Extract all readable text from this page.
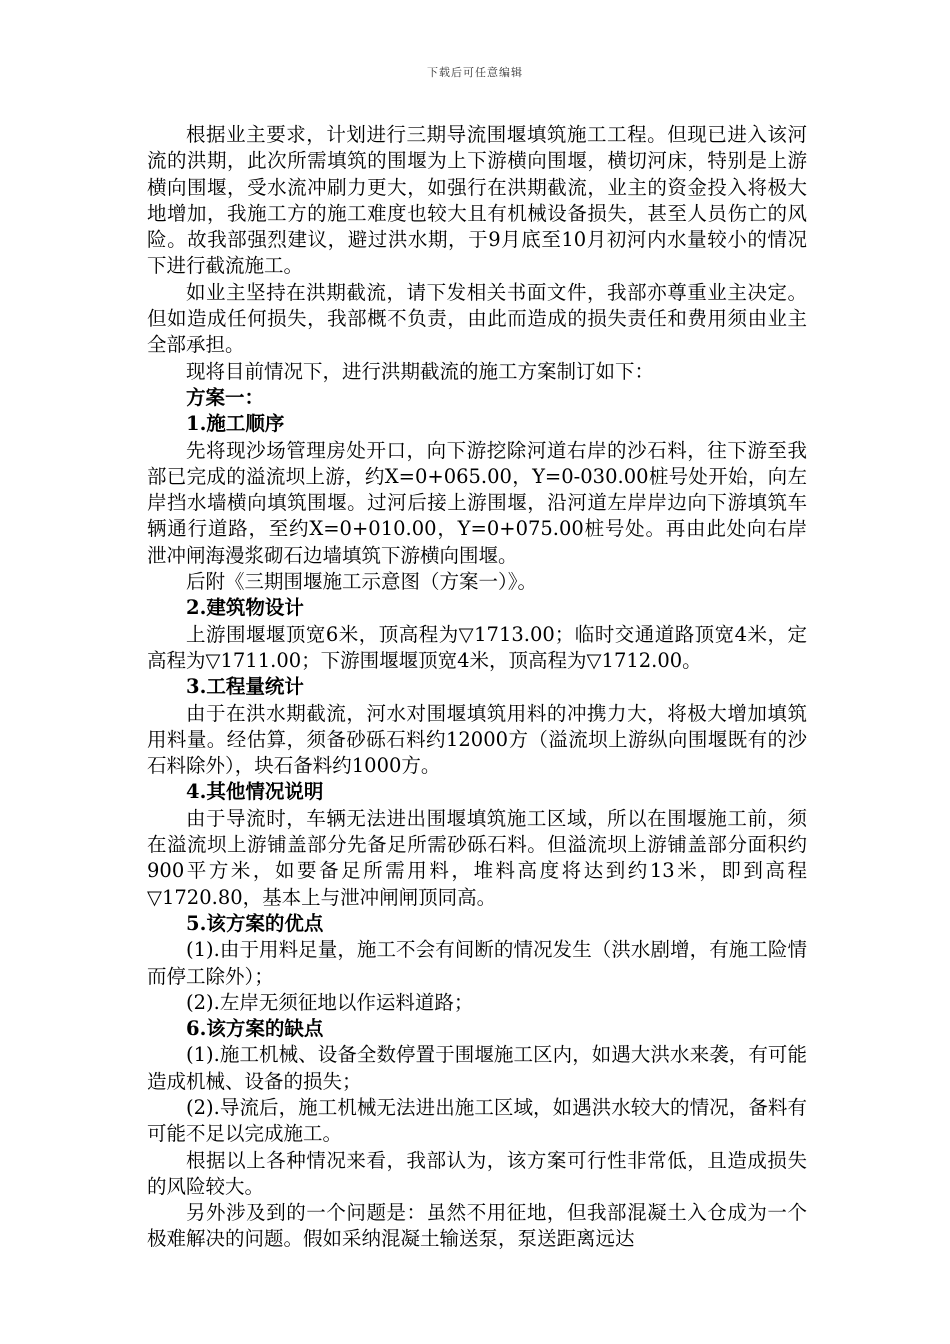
下载后可任意编辑

根据业主要求，计划进行三期导流围堰填筑施工工程。但现已进入该河流的洪期，此次所需填筑的围堰为上下游横向围堰，横切河床，特别是上游横向围堰，受水流冲刷力更大，如强行在洪期截流，业主的资金投入将极大地增加，我施工方的施工难度也较大且有机械设备损失，甚至人员伤亡的风险。故我部强烈建议，避过洪水期，于9月底至10月初河内水量较小的情况下进行截流施工。

如业主坚持在洪期截流，请下发相关书面文件，我部亦尊重业主决定。但如造成任何损失，我部概不负责，由此而造成的损失责任和费用须由业主全部承担。

现将目前情况下，进行洪期截流的施工方案制订如下：

方案一：

1.施工顺序

先将现沙场管理房处开口，向下游挖除河道右岸的沙石料，往下游至我部已完成的溢流坝上游，约X=0+065.00，Y=0-030.00桩号处开始，向左岸挡水墙横向填筑围堰。过河后接上游围堰，沿河道左岸岸边向下游填筑车辆通行道路，至约X=0+010.00，Y=0+075.00桩号处。再由此处向右岸泄冲闸海漫浆砌石边墙填筑下游横向围堰。

后附《三期围堰施工示意图（方案一）》。

2.建筑物设计

上游围堰堰顶宽6米，顶高程为▽1713.00；临时交通道路顶宽4米，定高程为▽1711.00；下游围堰堰顶宽4米，顶高程为▽1712.00。

3.工程量统计

由于在洪水期截流，河水对围堰填筑用料的冲携力大，将极大增加填筑用料量。经估算，须备砂砾石料约12000方（溢流坝上游纵向围堰既有的沙石料除外），块石备料约1000方。

4.其他情况说明

由于导流时，车辆无法进出围堰填筑施工区域，所以在围堰施工前，须在溢流坝上游铺盖部分先备足所需砂砾石料。但溢流坝上游铺盖部分面积约900平方米，如要备足所需用料，堆料高度将达到约13米，即到高程▽1720.80，基本上与泄冲闸闸顶同高。

5.该方案的优点

(1).由于用料足量，施工不会有间断的情况发生（洪水剧增，有施工险情而停工除外）；

(2).左岸无须征地以作运料道路；

6.该方案的缺点

(1).施工机械、设备全数停置于围堰施工区内，如遇大洪水来袭，有可能造成机械、设备的损失；

(2).导流后，施工机械无法进出施工区域，如遇洪水较大的情况，备料有可能不足以完成施工。

根据以上各种情况来看，我部认为，该方案可行性非常低，且造成损失的风险较大。

另外涉及到的一个问题是：虽然不用征地，但我部混凝土入仓成为一个极难解决的问题。假如采纳混凝土输送泵，泵送距离远达
